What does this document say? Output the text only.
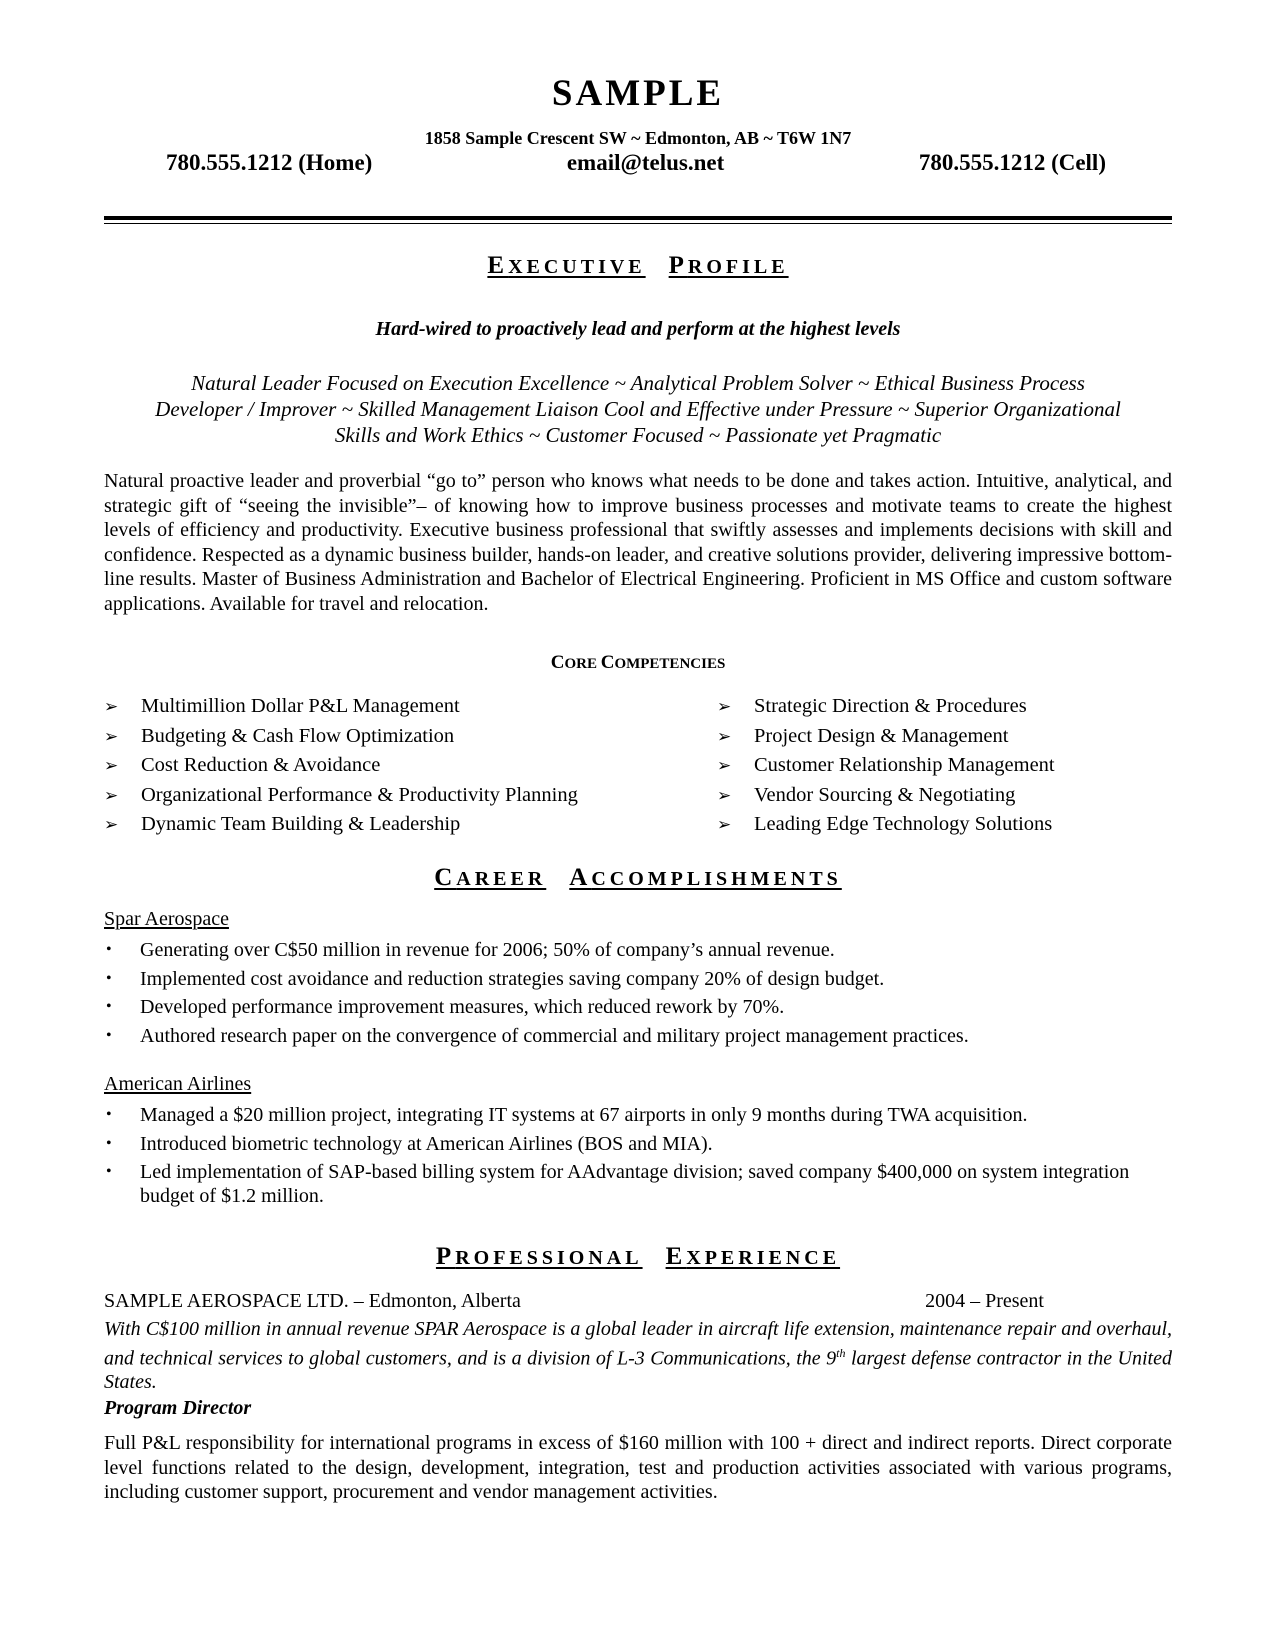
SAMPLE
1858 Sample Crescent SW ~ Edmonton, AB ~ T6W 1N7
780.555.1212 (Home)	email@telus.net	780.555.1212 (Cell)
EXECUTIVE PROFILE
Hard-wired to proactively lead and perform at the highest levels
Natural Leader Focused on Execution Excellence ~ Analytical Problem Solver ~ Ethical Business Process
Developer / Improver ~ Skilled Management Liaison Cool and Effective under Pressure ~ Superior Organizational
Skills and Work Ethics ~ Customer Focused ~ Passionate yet Pragmatic
Natural proactive leader and proverbial “go to” person who knows what needs to be done and takes action. Intuitive, analytical, and strategic gift of “seeing the invisible”– of knowing how to improve business processes and motivate teams to create the highest levels of efficiency and productivity. Executive business professional that swiftly assesses and implements decisions with skill and confidence. Respected as a dynamic business builder, hands-on leader, and creative solutions provider, delivering impressive bottom-line results. Master of Business Administration and Bachelor of Electrical Engineering. Proficient in MS Office and custom software applications. Available for travel and relocation.
CORE COMPETENCIES
➢ Multimillion Dollar P&L Management
➢ Budgeting & Cash Flow Optimization
➢ Cost Reduction & Avoidance
➢ Organizational Performance & Productivity Planning
➢ Dynamic Team Building & Leadership
➢ Strategic Direction & Procedures
➢ Project Design & Management
➢ Customer Relationship Management
➢ Vendor Sourcing & Negotiating
➢ Leading Edge Technology Solutions
CAREER ACCOMPLISHMENTS
Spar Aerospace
• Generating over C$50 million in revenue for 2006; 50% of company’s annual revenue.
• Implemented cost avoidance and reduction strategies saving company 20% of design budget.
• Developed performance improvement measures, which reduced rework by 70%.
• Authored research paper on the convergence of commercial and military project management practices.
American Airlines
• Managed a $20 million project, integrating IT systems at 67 airports in only 9 months during TWA acquisition.
• Introduced biometric technology at American Airlines (BOS and MIA).
• Led implementation of SAP-based billing system for AAdvantage division; saved company $400,000 on system integration budget of $1.2 million.
PROFESSIONAL EXPERIENCE
SAMPLE AEROSPACE LTD. – Edmonton, Alberta	2004 – Present
With C$100 million in annual revenue SPAR Aerospace is a global leader in aircraft life extension, maintenance repair and overhaul, and technical services to global customers, and is a division of L-3 Communications, the 9th largest defense contractor in the United States.
Program Director
Full P&L responsibility for international programs in excess of $160 million with 100 + direct and indirect reports. Direct corporate level functions related to the design, development, integration, test and production activities associated with various programs, including customer support, procurement and vendor management activities.
